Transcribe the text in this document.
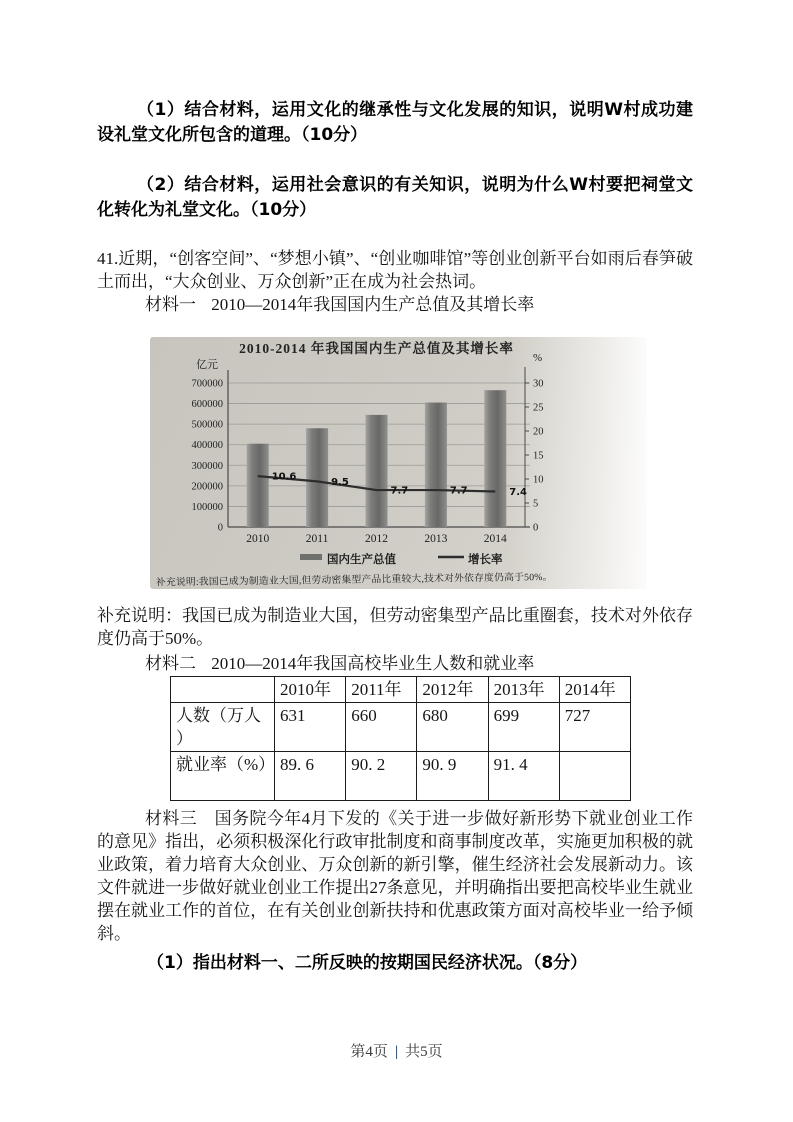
（1）结合材料，运用文化的继承性与文化发展的知识，说明W村成功建设礼堂文化所包含的道理。（10分）

（2）结合材料，运用社会意识的有关知识，说明为什么W村要把祠堂文化转化为礼堂文化。（10分）

41.近期，“创客空间”、“梦想小镇”、“创业咖啡馆”等创业创新平台如雨后春笋破土而出，“大众创业、万众创新”正在成为社会热词。

材料一 2010—2014年我国国内生产总值及其增长率

0
100000
200000
300000
400000
500000
600000
700000
0
5
10
15
20
25
30
亿元
%
2010-2014 年我国国内生产总值及其增长率
2010	2011	2012	2013	2014
10.6	9.5
7.7	7.7	7.4
国内生产总值	增长率
补充说明:我国已成为制造业大国,但劳动密集型产品比重较大,技术对外依存度仍高于50%。

补充说明：我国已成为制造业大国，但劳动密集型产品比重圈套，技术对外依存度仍高于50%。

材料二 2010—2014年我国高校毕业生人数和就业率

	2010年	2011年	2012年	2013年	2014年
人数（万人）	631	660	680	699	727
就业率（%）	89. 6	90. 2	90. 9	91. 4	

材料三　国务院今年4月下发的《关于进一步做好新形势下就业创业工作的意见》指出，必须积极深化行政审批制度和商事制度改革，实施更加积极的就业政策，着力培育大众创业、万众创新的新引擎，催生经济社会发展新动力。该文件就进一步做好就业创业工作提出27条意见，并明确指出要把高校毕业生就业摆在就业工作的首位，在有关创业创新扶持和优惠政策方面对高校毕业一给予倾斜。

（1）指出材料一、二所反映的按期国民经济状况。（8分）

第4页 | 共5页
